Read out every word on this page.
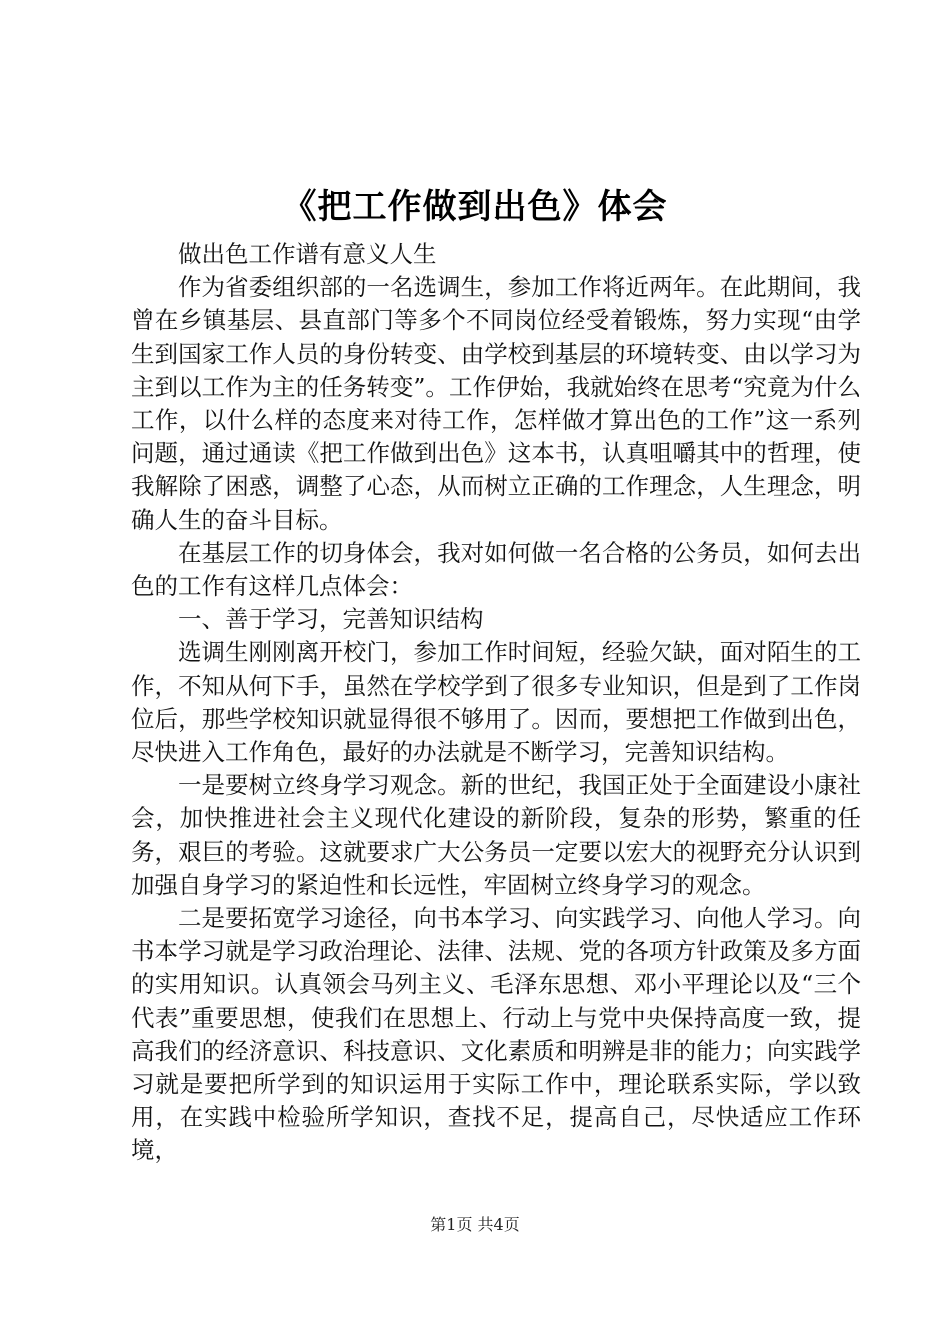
《把工作做到出色》体会

做出色工作谱有意义人生

作为省委组织部的一名选调生，参加工作将近两年。在此期间，我曾在乡镇基层、县直部门等多个不同岗位经受着锻炼，努力实现“由学生到国家工作人员的身份转变、由学校到基层的环境转变、由以学习为主到以工作为主的任务转变”。工作伊始，我就始终在思考“究竟为什么工作，以什么样的态度来对待工作，怎样做才算出色的工作”这一系列问题，通过通读《把工作做到出色》这本书，认真咀嚼其中的哲理，使我解除了困惑，调整了心态，从而树立正确的工作理念，人生理念，明确人生的奋斗目标。

在基层工作的切身体会，我对如何做一名合格的公务员，如何去出色的工作有这样几点体会：

一、善于学习，完善知识结构

选调生刚刚离开校门，参加工作时间短，经验欠缺，面对陌生的工作，不知从何下手，虽然在学校学到了很多专业知识，但是到了工作岗位后，那些学校知识就显得很不够用了。因而，要想把工作做到出色，尽快进入工作角色，最好的办法就是不断学习，完善知识结构。

一是要树立终身学习观念。新的世纪，我国正处于全面建设小康社会，加快推进社会主义现代化建设的新阶段，复杂的形势，繁重的任务，艰巨的考验。这就要求广大公务员一定要以宏大的视野充分认识到加强自身学习的紧迫性和长远性，牢固树立终身学习的观念。

二是要拓宽学习途径，向书本学习、向实践学习、向他人学习。向书本学习就是学习政治理论、法律、法规、党的各项方针政策及多方面的实用知识。认真领会马列主义、毛泽东思想、邓小平理论以及“三个代表”重要思想，使我们在思想上、行动上与党中央保持高度一致，提高我们的经济意识、科技意识、文化素质和明辨是非的能力；向实践学习就是要把所学到的知识运用于实际工作中，理论联系实际，学以致用，在实践中检验所学知识，查找不足，提高自己，尽快适应工作环境，

第1页 共4页
